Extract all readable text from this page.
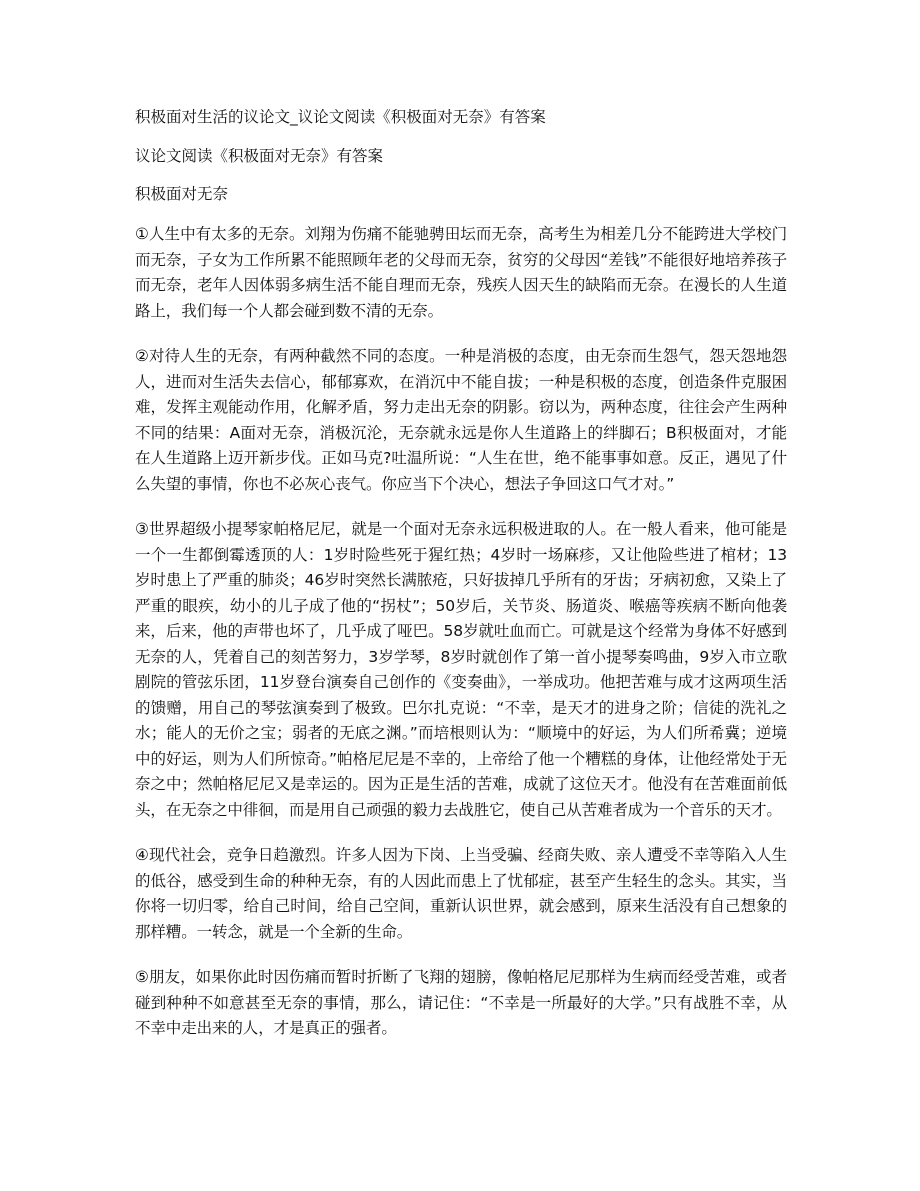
积极面对生活的议论文_议论文阅读《积极面对无奈》有答案

议论文阅读《积极面对无奈》有答案

积极面对无奈

①人生中有太多的无奈。刘翔为伤痛不能驰骋田坛而无奈，高考生为相差几分不能跨进大学校门而无奈，子女为工作所累不能照顾年老的父母而无奈，贫穷的父母因“差钱”不能很好地培养孩子而无奈，老年人因体弱多病生活不能自理而无奈，残疾人因天生的缺陷而无奈。在漫长的人生道路上，我们每一个人都会碰到数不清的无奈。

②对待人生的无奈，有两种截然不同的态度。一种是消极的态度，由无奈而生怨气，怨天怨地怨人，进而对生活失去信心，郁郁寡欢，在消沉中不能自拔；一种是积极的态度，创造条件克服困难，发挥主观能动作用，化解矛盾，努力走出无奈的阴影。窃以为，两种态度，往往会产生两种不同的结果：A面对无奈，消极沉沦，无奈就永远是你人生道路上的绊脚石；B积极面对，才能在人生道路上迈开新步伐。正如马克?吐温所说：“人生在世，绝不能事事如意。反正，遇见了什么失望的事情，你也不必灰心丧气。你应当下个决心，想法子争回这口气才对。”

③世界超级小提琴家帕格尼尼，就是一个面对无奈永远积极进取的人。在一般人看来，他可能是一个一生都倒霉透顶的人：1岁时险些死于猩红热；4岁时一场麻疹，又让他险些进了棺材；13岁时患上了严重的肺炎；46岁时突然长满脓疮，只好拔掉几乎所有的牙齿；牙病初愈，又染上了严重的眼疾，幼小的儿子成了他的“拐杖”；50岁后，关节炎、肠道炎、喉癌等疾病不断向他袭来，后来，他的声带也坏了，几乎成了哑巴。58岁就吐血而亡。可就是这个经常为身体不好感到无奈的人，凭着自己的刻苦努力，3岁学琴，8岁时就创作了第一首小提琴奏鸣曲，9岁入市立歌剧院的管弦乐团，11岁登台演奏自己创作的《变奏曲》，一举成功。他把苦难与成才这两项生活的馈赠，用自己的琴弦演奏到了极致。巴尔扎克说：“不幸，是天才的进身之阶；信徒的洗礼之水；能人的无价之宝；弱者的无底之渊。”而培根则认为：“顺境中的好运，为人们所希冀；逆境中的好运，则为人们所惊奇。”帕格尼尼是不幸的，上帝给了他一个糟糕的身体，让他经常处于无奈之中；然帕格尼尼又是幸运的。因为正是生活的苦难，成就了这位天才。他没有在苦难面前低头，在无奈之中徘徊，而是用自己顽强的毅力去战胜它，使自己从苦难者成为一个音乐的天才。

④现代社会，竞争日趋激烈。许多人因为下岗、上当受骗、经商失败、亲人遭受不幸等陷入人生的低谷，感受到生命的种种无奈，有的人因此而患上了忧郁症，甚至产生轻生的念头。其实，当你将一切归零，给自己时间，给自己空间，重新认识世界，就会感到，原来生活没有自己想象的那样糟。一转念，就是一个全新的生命。

⑤朋友，如果你此时因伤痛而暂时折断了飞翔的翅膀，像帕格尼尼那样为生病而经受苦难，或者碰到种种不如意甚至无奈的事情，那么，请记住：“不幸是一所最好的大学。”只有战胜不幸，从不幸中走出来的人，才是真正的强者。
